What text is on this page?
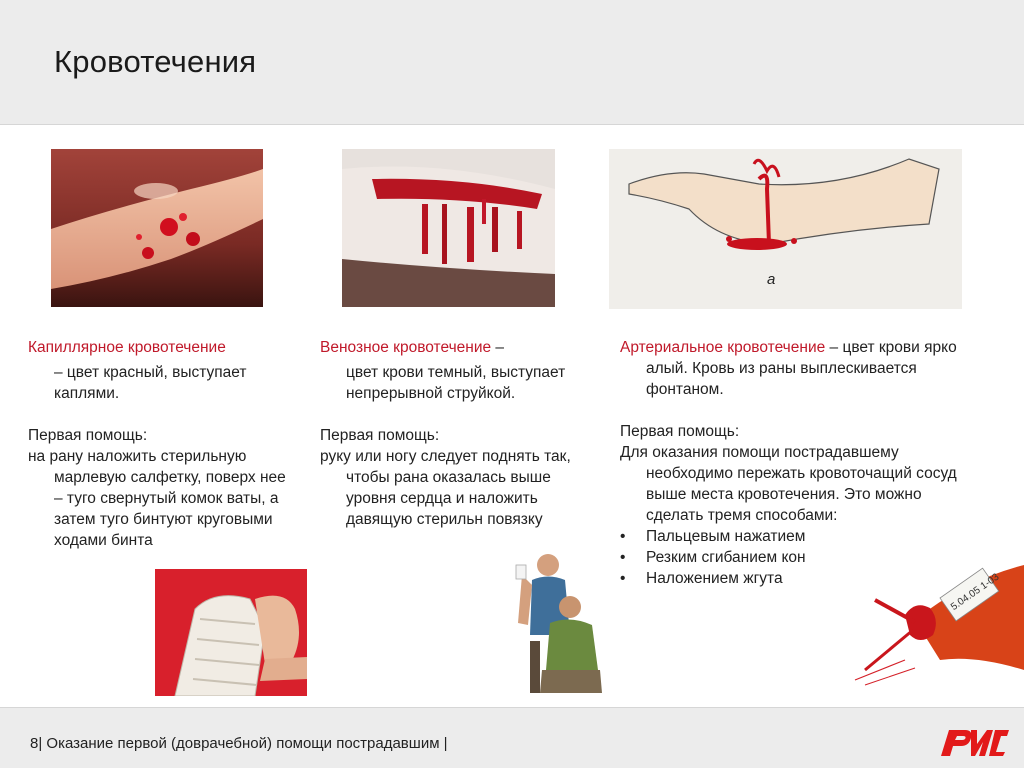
Кровотечения
а

Капиллярное кровотечение

– цвет красный, выступает каплями.

Первая помощь:

на рану наложить стерильную марлевую салфетку, поверх нее – туго свернутый комок ваты, а затем туго бинтуют круговыми ходами бинта

Венозное кровотечение –

цвет крови темный, выступает непрерывной струйкой.

Первая помощь:

руку или ногу следует поднять так, чтобы рана оказалась выше уровня сердца и наложить давящую стерильн повязку

Артериальное кровотечение – цвет крови ярко алый. Кровь из раны выплескивается фонтаном.

Первая помощь:

Для оказания помощи пострадавшему необходимо пережать кровоточащий сосуд выше места кровотечения. Это можно сделать тремя способами:

• Пальцевым нажатием
• Резким сгибанием кон
• Наложением жгута	5.04.05 1-03
8| Оказание первой (доврачебной) помощи пострадавшим |
